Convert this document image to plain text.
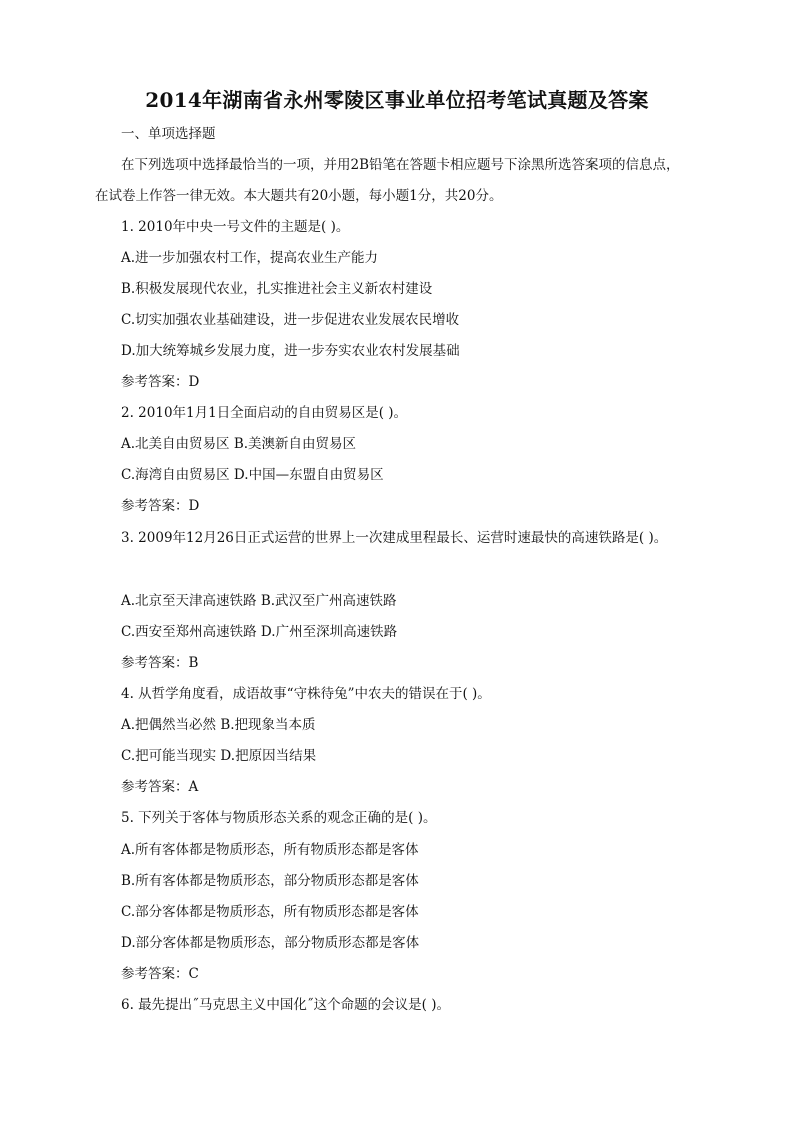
2014年湖南省永州零陵区事业单位招考笔试真题及答案
一、单项选择题
在下列选项中选择最恰当的一项，并用2B铅笔在答题卡相应题号下涂黑所选答案项的信息点，
在试卷上作答一律无效。本大题共有20小题，每小题1分，共20分。
1. 2010年中央一号文件的主题是( )。
A.进一步加强农村工作，提高农业生产能力
B.积极发展现代农业，扎实推进社会主义新农村建设
C.切实加强农业基础建设，进一步促进农业发展农民增收
D.加大统筹城乡发展力度，进一步夯实农业农村发展基础
参考答案：D
2. 2010年1月1日全面启动的自由贸易区是( )。
A.北美自由贸易区 B.美澳新自由贸易区
C.海湾自由贸易区 D.中国—东盟自由贸易区
参考答案：D
3. 2009年12月26日正式运营的世界上一次建成里程最长、运营时速最快的高速铁路是( )。
A.北京至天津高速铁路 B.武汉至广州高速铁路
C.西安至郑州高速铁路 D.广州至深圳高速铁路
参考答案：B
4. 从哲学角度看，成语故事“守株待兔”中农夫的错误在于( )。
A.把偶然当必然 B.把现象当本质
C.把可能当现实 D.把原因当结果
参考答案：A
5. 下列关于客体与物质形态关系的观念正确的是( )。
A.所有客体都是物质形态，所有物质形态都是客体
B.所有客体都是物质形态，部分物质形态都是客体
C.部分客体都是物质形态，所有物质形态都是客体
D.部分客体都是物质形态，部分物质形态都是客体
参考答案：C
6. 最先提出˝马克思主义中国化˝这个命题的会议是( )。
